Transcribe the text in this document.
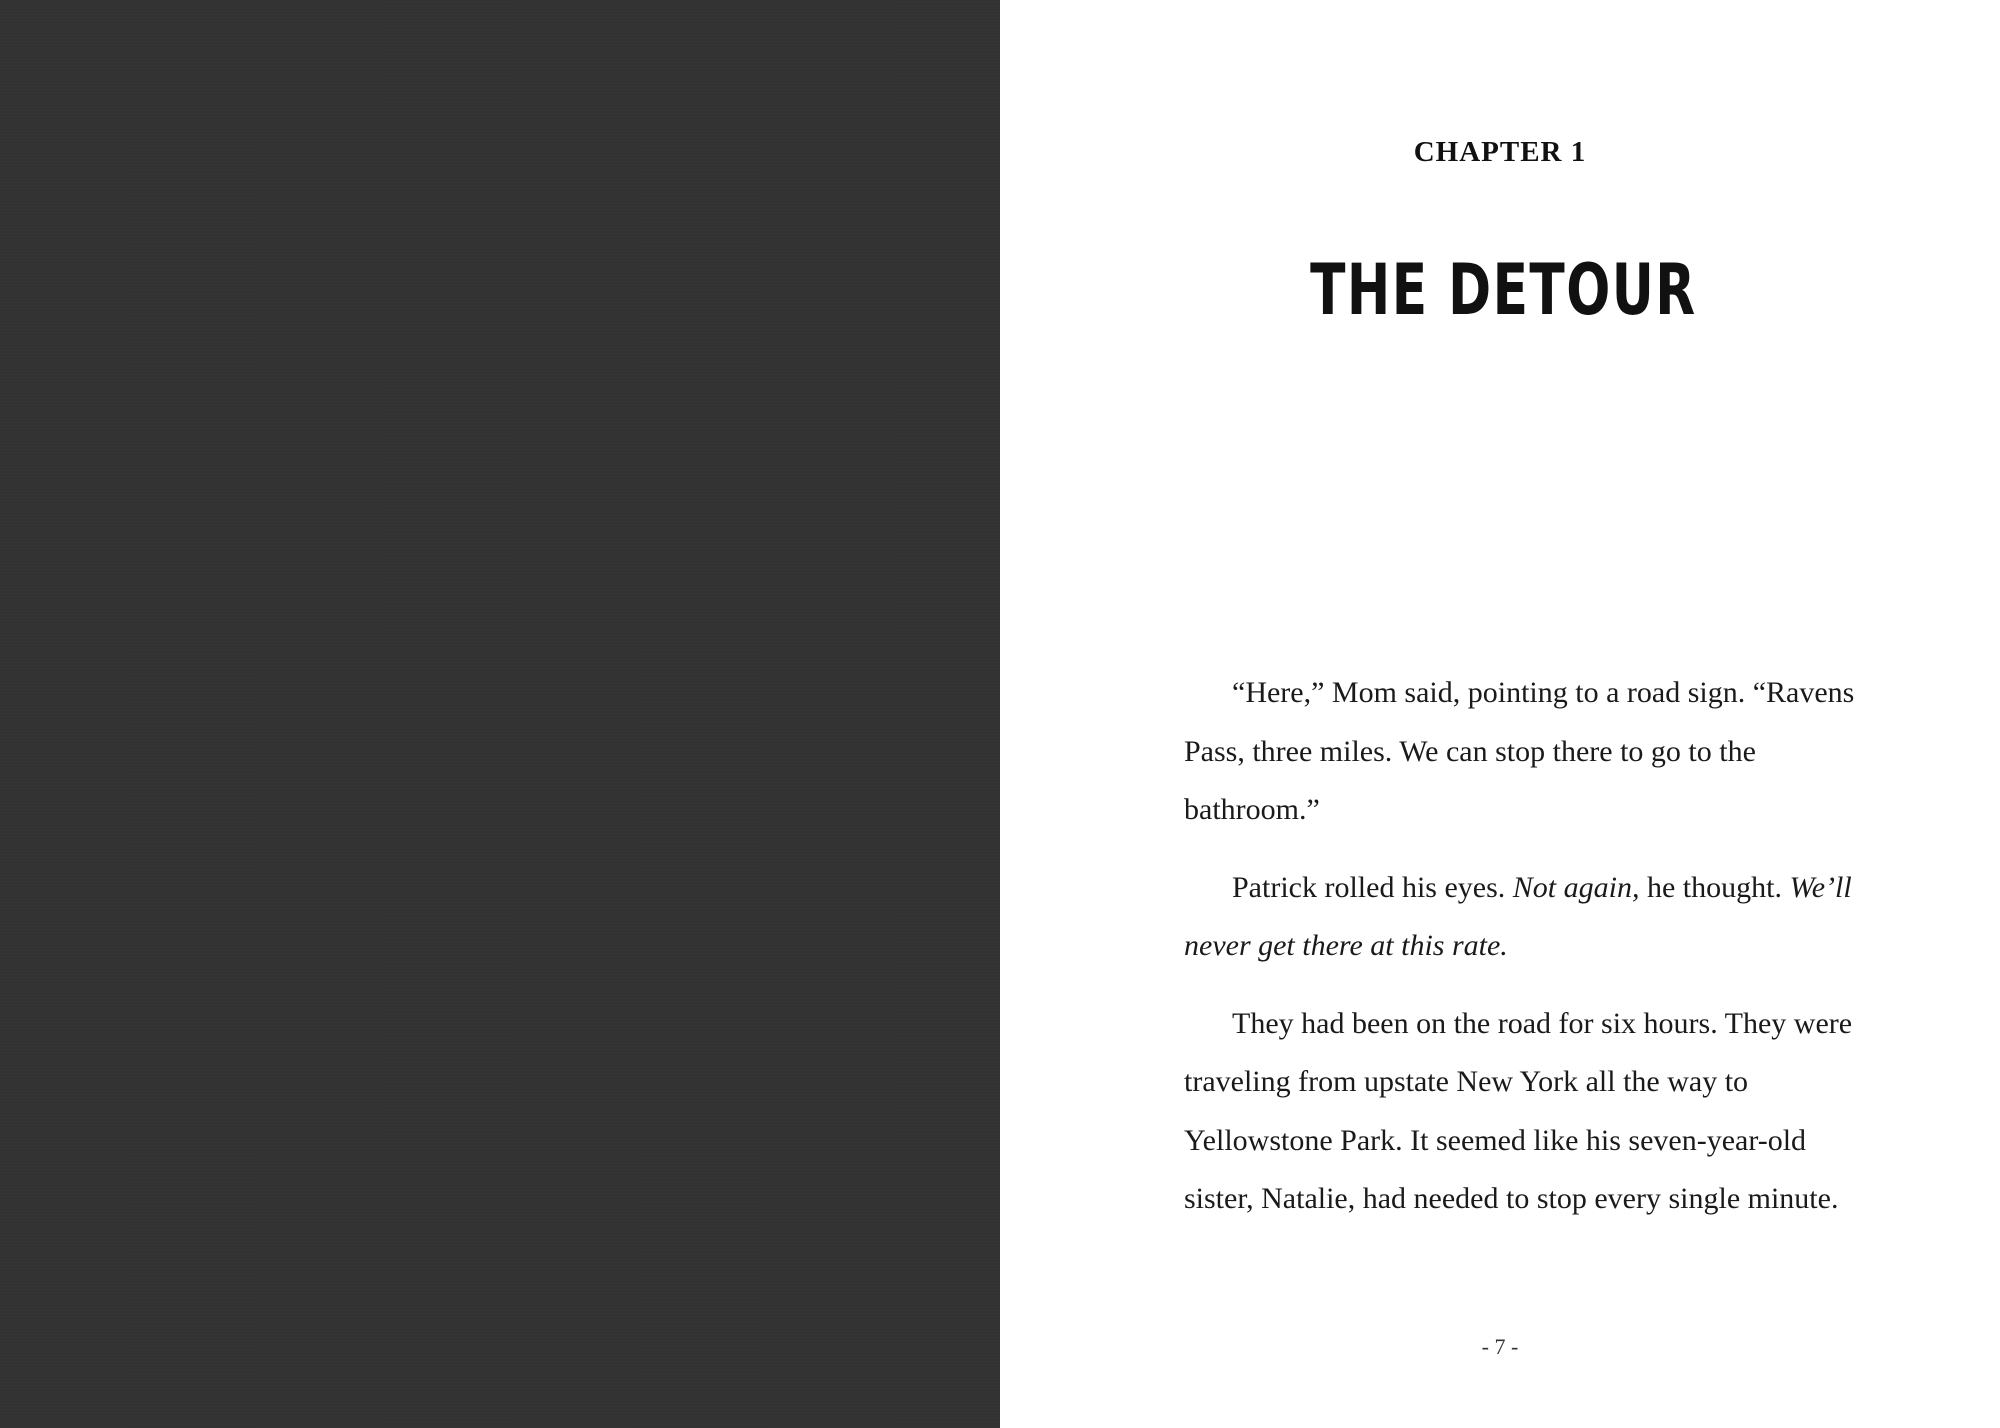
CHAPTER 1
THE DETOUR

“Here,” Mom said, pointing to a road sign. “Ravens Pass, three miles. We can stop there to go to the bathroom.”

Patrick rolled his eyes. Not again, he thought. We’ll never get there at this rate.

They had been on the road for six hours. They were traveling from upstate New York all the way to Yellowstone Park. It seemed like his seven-year-old sister, Natalie, had needed to stop every single minute.

- 7 -
